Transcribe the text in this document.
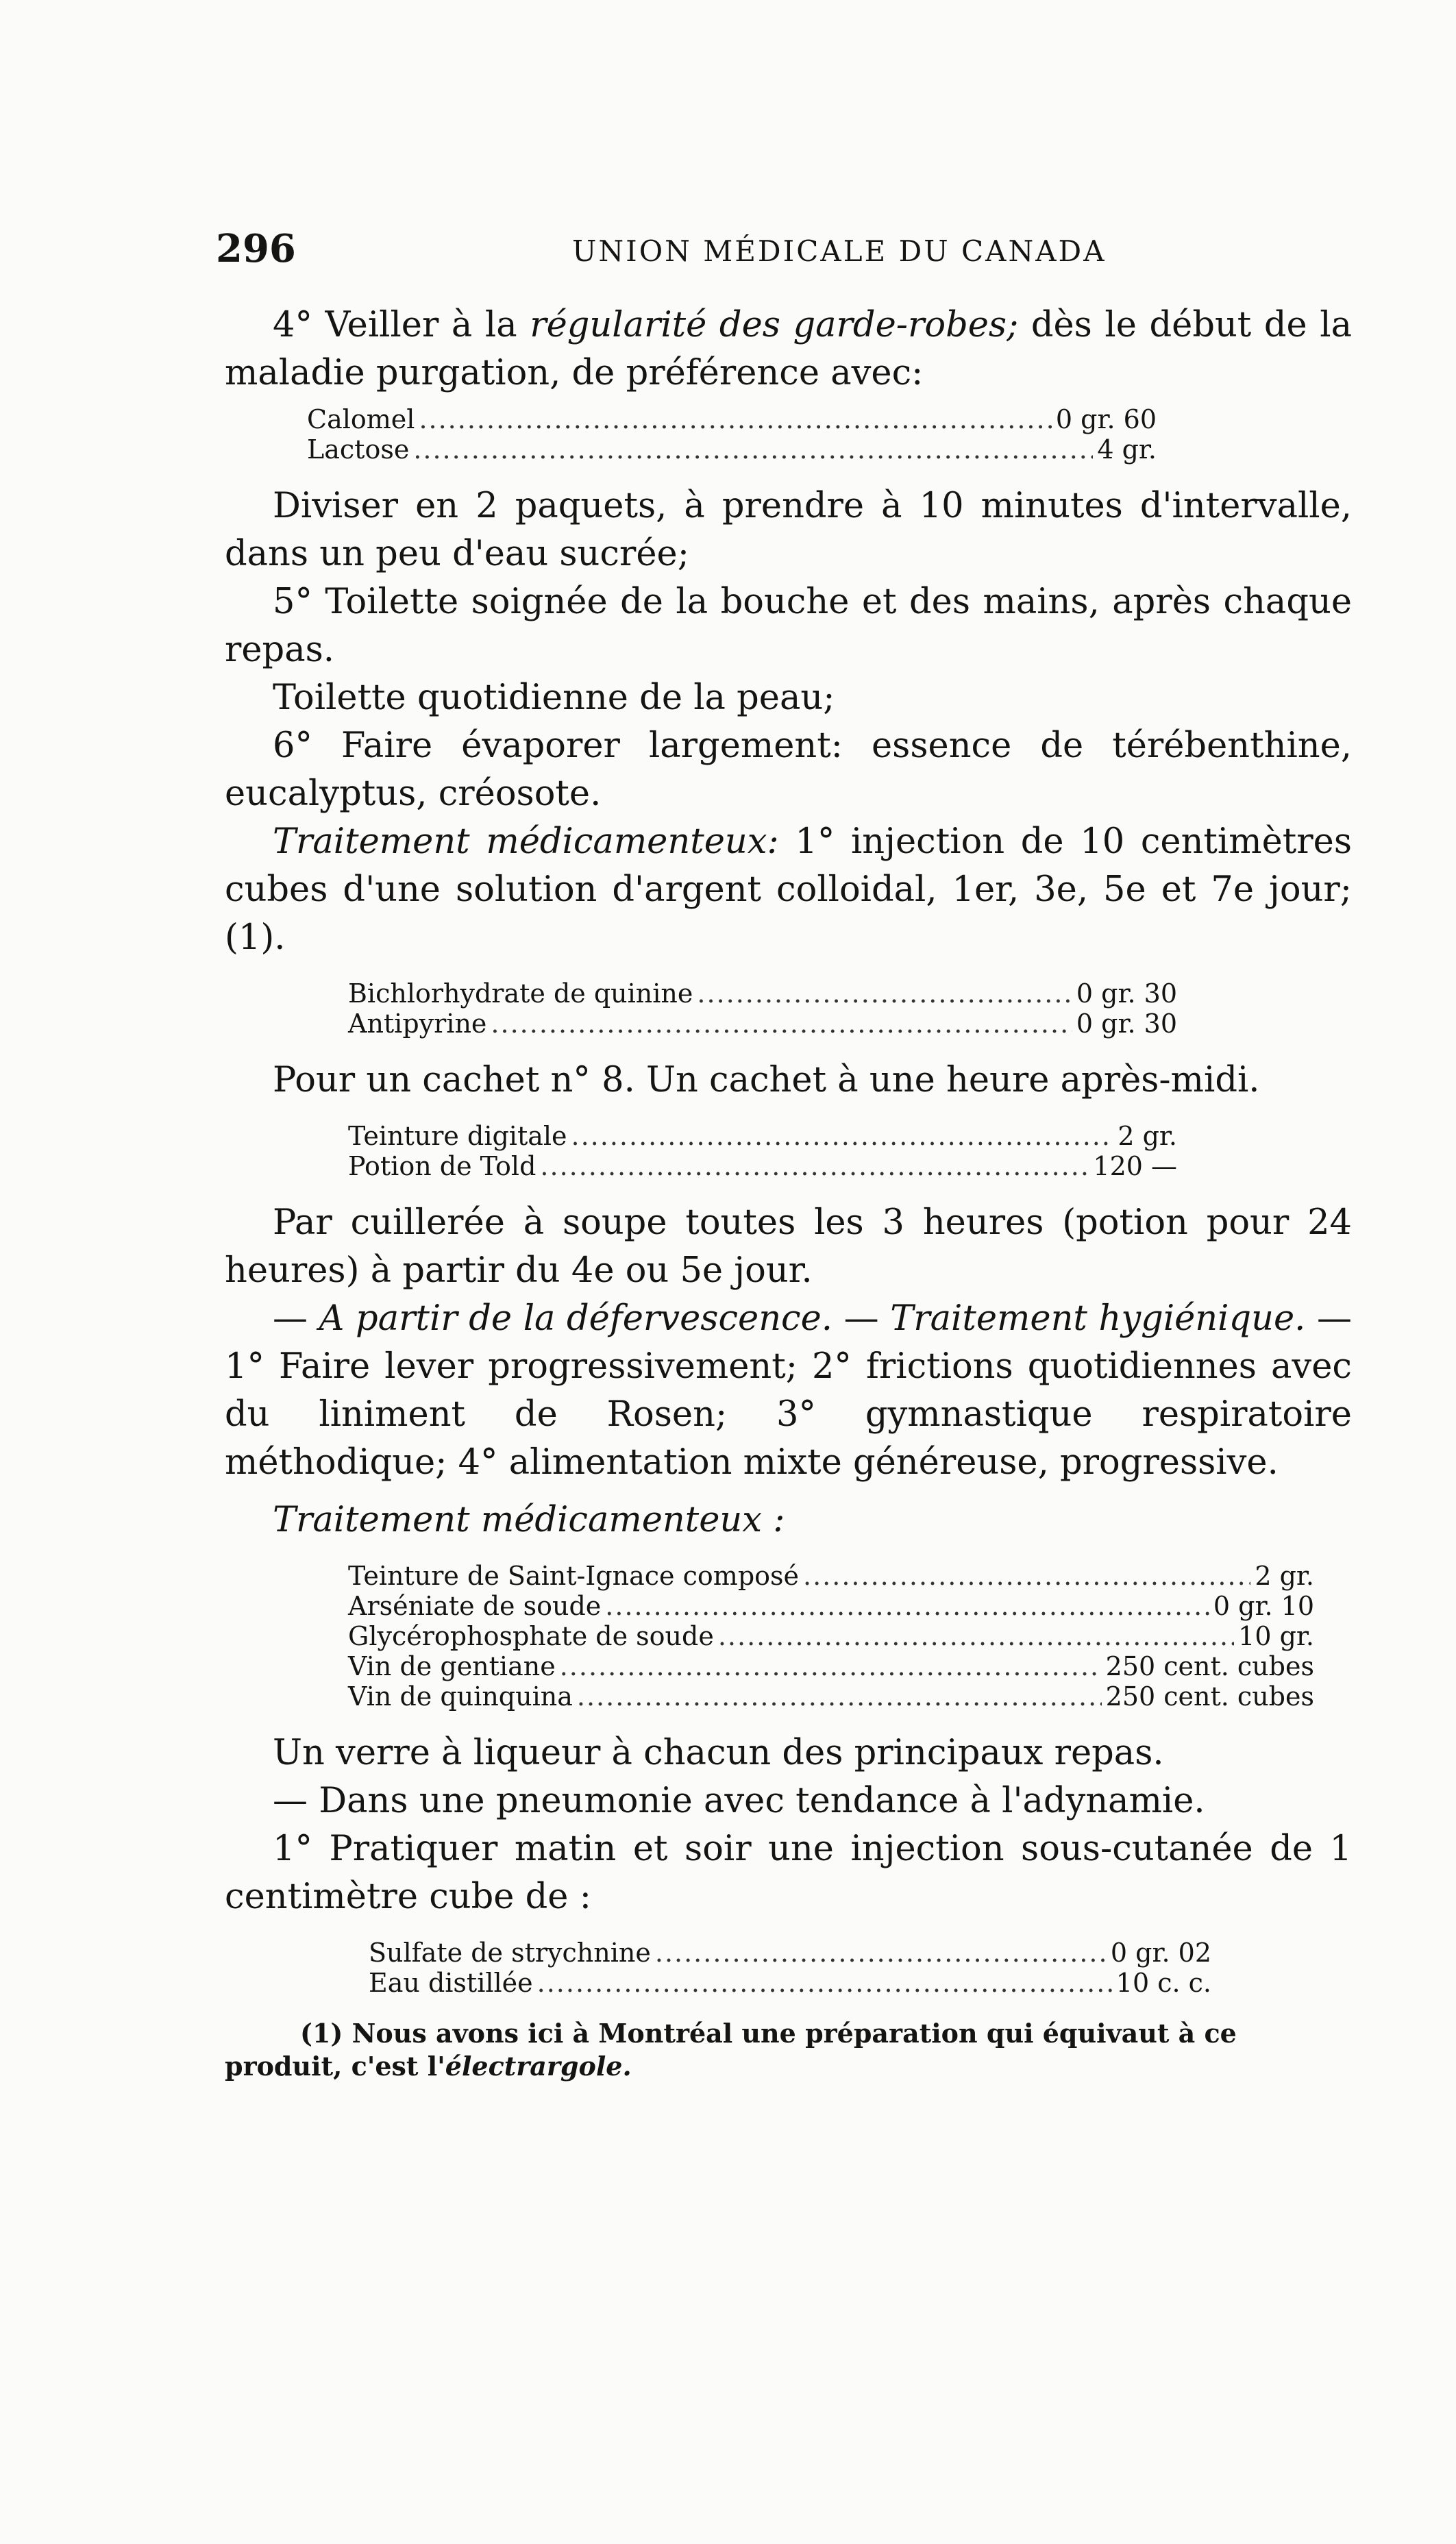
296	UNION MÉDICALE DU CANADA

4° Veiller à la régularité des garde-robes; dès le début de la maladie purgation, de préférence avec:

Calomel .....	0 gr. 60
Lactose .....	4 gr.

Diviser en 2 paquets, à prendre à 10 minutes d'intervalle, dans un peu d'eau sucrée;

5° Toilette soignée de la bouche et des mains, après chaque repas.

Toilette quotidienne de la peau;

6° Faire évaporer largement: essence de térébenthine, eucalyptus, créosote.

Traitement médicamenteux: 1° injection de 10 centimètres cubes d'une solution d'argent colloidal, 1er, 3e, 5e et 7e jour; (1).

Bichlorhydrate de quinine .....	0 gr. 30
Antipyrine .....	0 gr. 30

Pour un cachet n° 8. Un cachet à une heure après-midi.

Teinture digitale .....	2 gr.
Potion de Told .....	120 —

Par cuillerée à soupe toutes les 3 heures (potion pour 24 heures) à partir du 4e ou 5e jour.

— A partir de la défervescence. — Traitement hygiénique. — 1° Faire lever progressivement; 2° frictions quotidiennes avec du liniment de Rosen; 3° gymnastique respiratoire méthodique; 4° alimentation mixte généreuse, progressive.

Traitement médicamenteux :

Teinture de Saint-Ignace composé .....	2 gr.
Arséniate de soude .....	0 gr. 10
Glycérophosphate de soude .....	10 gr.
Vin de gentiane .....	250 cent. cubes
Vin de quinquina .....	250 cent. cubes

Un verre à liqueur à chacun des principaux repas.

— Dans une pneumonie avec tendance à l'adynamie.

1° Pratiquer matin et soir une injection sous-cutanée de 1 centimètre cube de :

Sulfate de strychnine .....	0 gr. 02
Eau distillée .....	10 c. c.
(1) Nous avons ici à Montréal une préparation qui équivaut à ce produit, c'est l'électrargole.
